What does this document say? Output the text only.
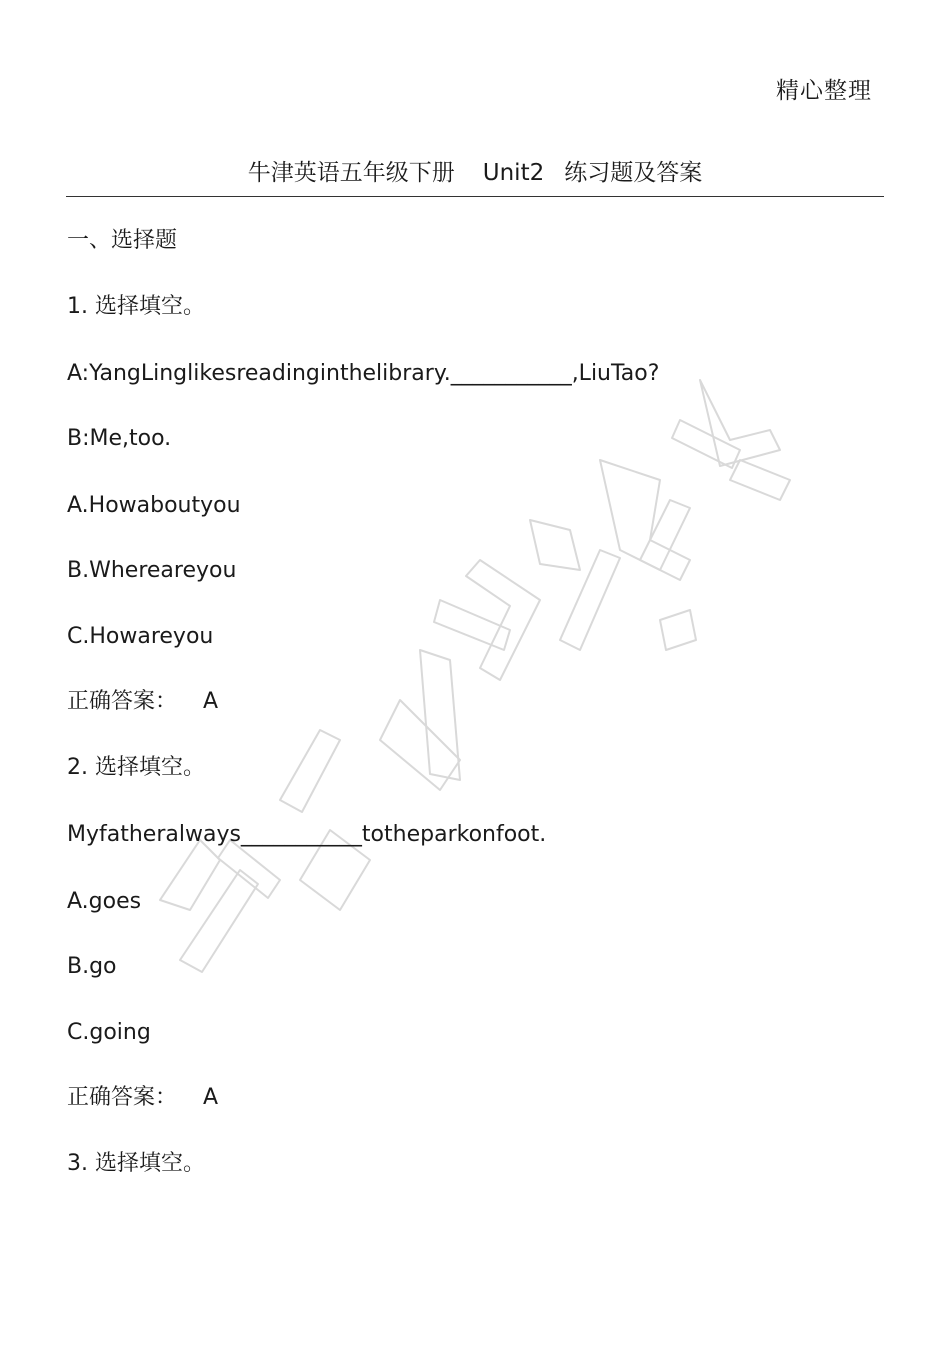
精心整理
牛津英语五年级下册 Unit2 练习题及答案
一、选择题
1. 选择填空。
A:YangLinglikesreadinginthelibrary.___________,LiuTao?
B:Me,too.
A.Howaboutyou
B.Whereareyou
C.Howareyou
正确答案： A
2. 选择填空。
Myfatheralways___________totheparkonfoot.
A.goes
B.go
C.going
正确答案： A
3. 选择填空。
